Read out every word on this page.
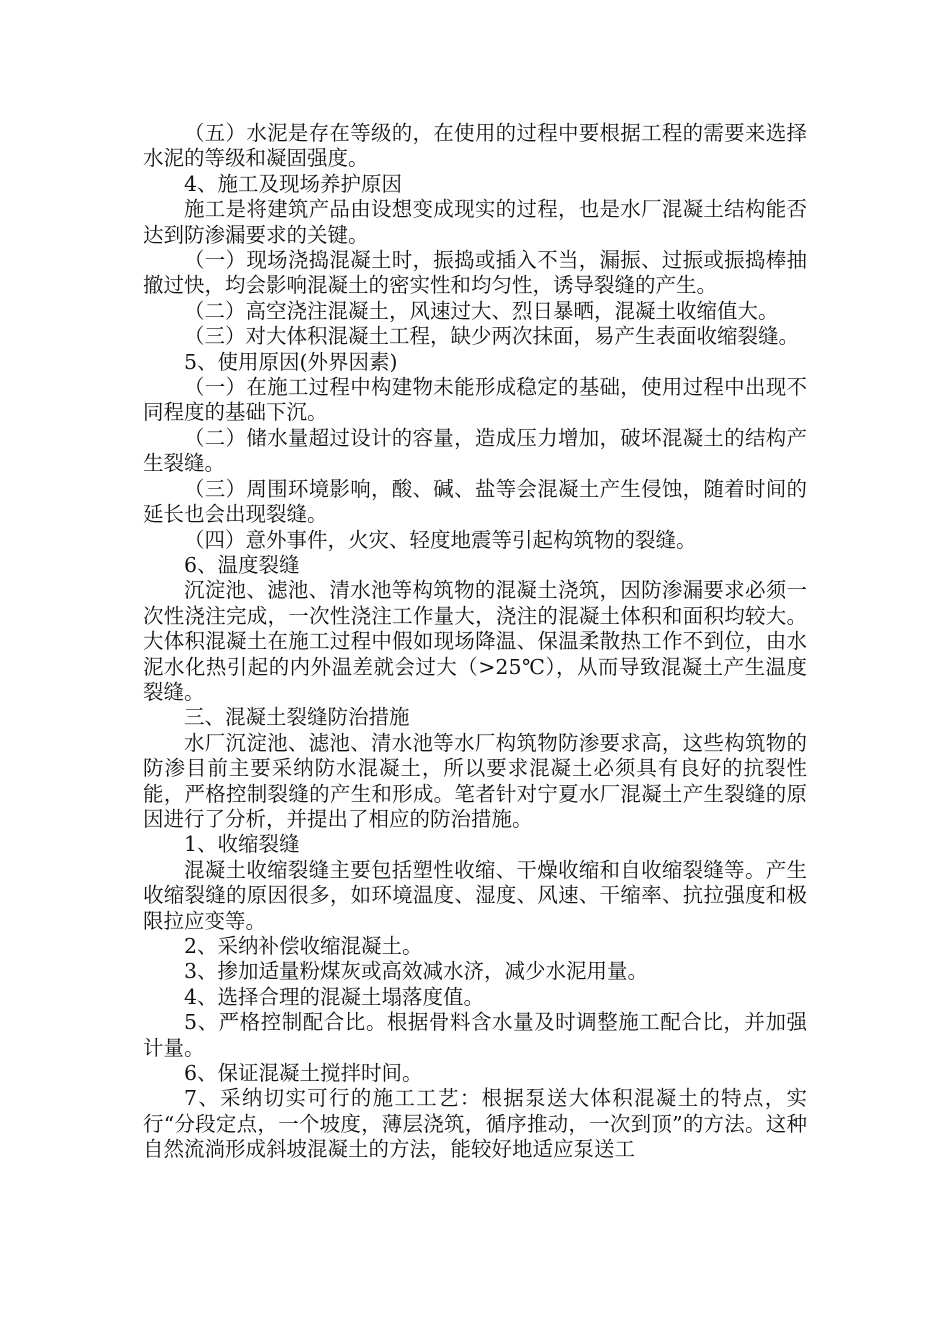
（五）水泥是存在等级的，在使用的过程中要根据工程的需要来选择水泥的等级和凝固强度。

4、施工及现场养护原因

施工是将建筑产品由设想变成现实的过程，也是水厂混凝土结构能否达到防渗漏要求的关键。

（一）现场浇捣混凝土时，振捣或插入不当，漏振、过振或振捣棒抽撤过快，均会影响混凝土的密实性和均匀性，诱导裂缝的产生。

（二）高空浇注混凝土，风速过大、烈日暴晒，混凝土收缩值大。

（三）对大体积混凝土工程，缺少两次抹面，易产生表面收缩裂缝。

5、使用原因(外界因素)

（一）在施工过程中构建物未能形成稳定的基础，使用过程中出现不同程度的基础下沉。

（二）储水量超过设计的容量，造成压力增加，破坏混凝土的结构产生裂缝。

（三）周围环境影响，酸、碱、盐等会混凝土产生侵蚀，随着时间的延长也会出现裂缝。

（四）意外事件，火灾、轻度地震等引起构筑物的裂缝。

6、温度裂缝

沉淀池、滤池、清水池等构筑物的混凝土浇筑，因防渗漏要求必须一次性浇注完成，一次性浇注工作量大，浇注的混凝土体积和面积均较大。大体积混凝土在施工过程中假如现场降温、保温柔散热工作不到位，由水泥水化热引起的内外温差就会过大（>25℃），从而导致混凝土产生温度裂缝。

三、混凝土裂缝防治措施

水厂沉淀池、滤池、清水池等水厂构筑物防渗要求高，这些构筑物的防渗目前主要采纳防水混凝土，所以要求混凝土必须具有良好的抗裂性能，严格控制裂缝的产生和形成。笔者针对宁夏水厂混凝土产生裂缝的原因进行了分析，并提出了相应的防治措施。

1、收缩裂缝

混凝土收缩裂缝主要包括塑性收缩、干燥收缩和自收缩裂缝等。产生收缩裂缝的原因很多，如环境温度、湿度、风速、干缩率、抗拉强度和极限拉应变等。

2、采纳补偿收缩混凝土。

3、掺加适量粉煤灰或高效减水济，减少水泥用量。

4、选择合理的混凝土塌落度值。

5、严格控制配合比。根据骨料含水量及时调整施工配合比，并加强计量。

6、保证混凝土搅拌时间。

7、采纳切实可行的施工工艺：根据泵送大体积混凝土的特点，实行“分段定点，一个坡度，薄层浇筑，循序推动，一次到顶”的方法。这种自然流淌形成斜坡混凝土的方法，能较好地适应泵送工
